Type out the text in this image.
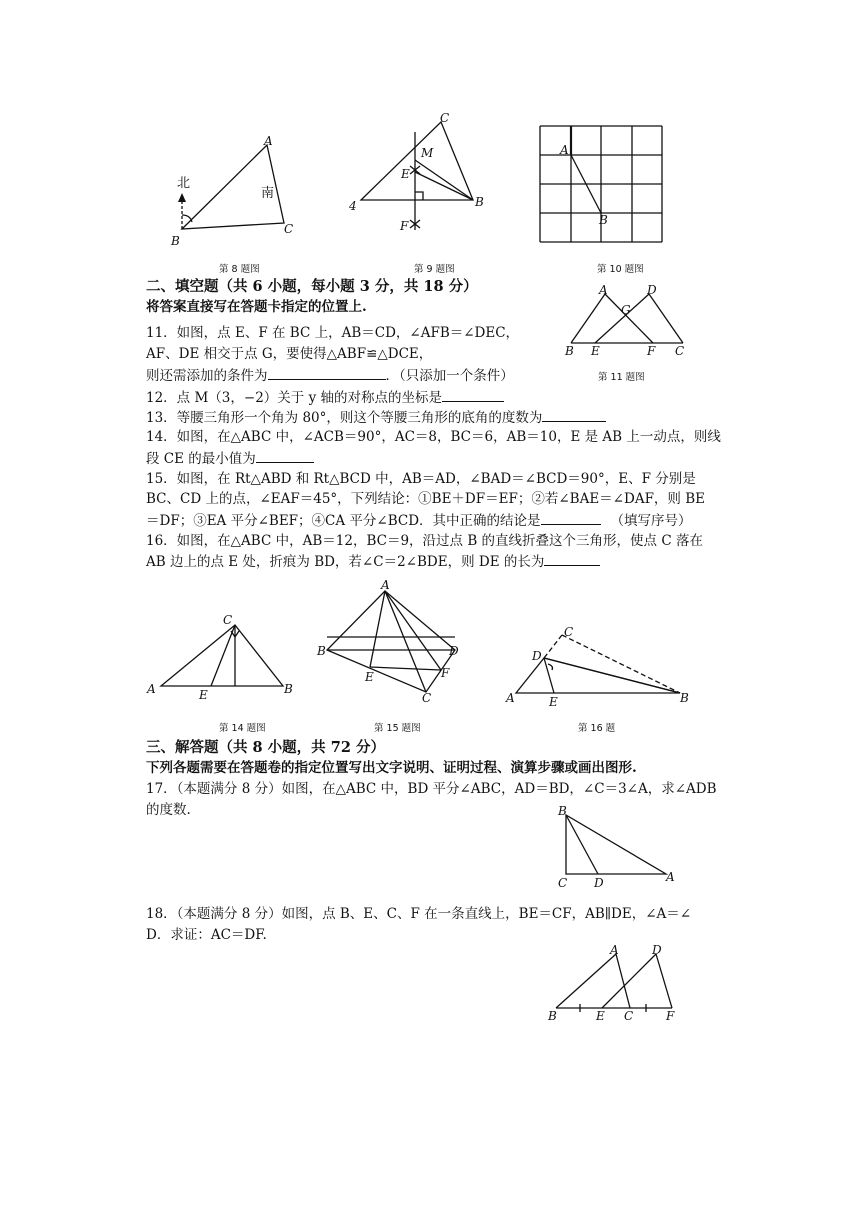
A
B
C
北
南
第 8 题图
C
M
E
B
4
F
第 9 题图
A
B
第 10 题图
二、填空题（共 6 小题，每小题 3 分，共 18 分）
将答案直接写在答题卡指定的位置上.
A	D
G
B E	F C
第 11 题图
11．如图，点 E、F 在 BC 上，AB＝CD，∠AFB＝∠DEC，
AF、DE 相交于点 G，要使得△ABF≌△DCE，
则还需添加的条件为	．（只添加一个条件）
12．点 M（3，−2）关于 y 轴的对称点的坐标是
13．等腰三角形一个角为 80°，则这个等腰三角形的底角的度数为
14．如图，在△ABC 中，∠ACB＝90°，AC＝8，BC＝6，AB＝10，E 是 AB 上一动点，则线
段 CE 的最小值为
15．如图，在 Rt△ABD 和 Rt△BCD 中，AB＝AD，∠BAD＝∠BCD＝90°，E、F 分别是
BC、CD 上的点，∠EAF＝45°，下列结论：①BE＋DF＝EF；②若∠BAE＝∠DAF，则 BE
＝DF；③EA 平分∠BEF；④CA 平分∠BCD．其中正确的结论是	（填写序号）
16．如图，在△ABC 中，AB＝12，BC＝9，沿过点 B 的直线折叠这个三角形，使点 C 落在
AB 边上的点 E 处，折痕为 BD，若∠C＝2∠BDE，则 DE 的长为
C
A	E	B
第 14 题图
A
B	D
F
E
C
第 15 题图
C
D
A	E	B
第 16 题
三、解答题（共 8 小题，共 72 分）
下列各题需要在答题卷的指定位置写出文字说明、证明过程、演算步骤或画出图形.
17．（本题满分 8 分）如图，在△ABC 中，BD 平分∠ABC，AD＝BD，∠C＝3∠A，求∠ADB
的度数.	B
C D	A
18．（本题满分 8 分）如图，点 B、E、C、F 在一条直线上，BE＝CF，AB∥DE，∠A＝∠
D．求证：AC＝DF.
A	D
B	E C	F
